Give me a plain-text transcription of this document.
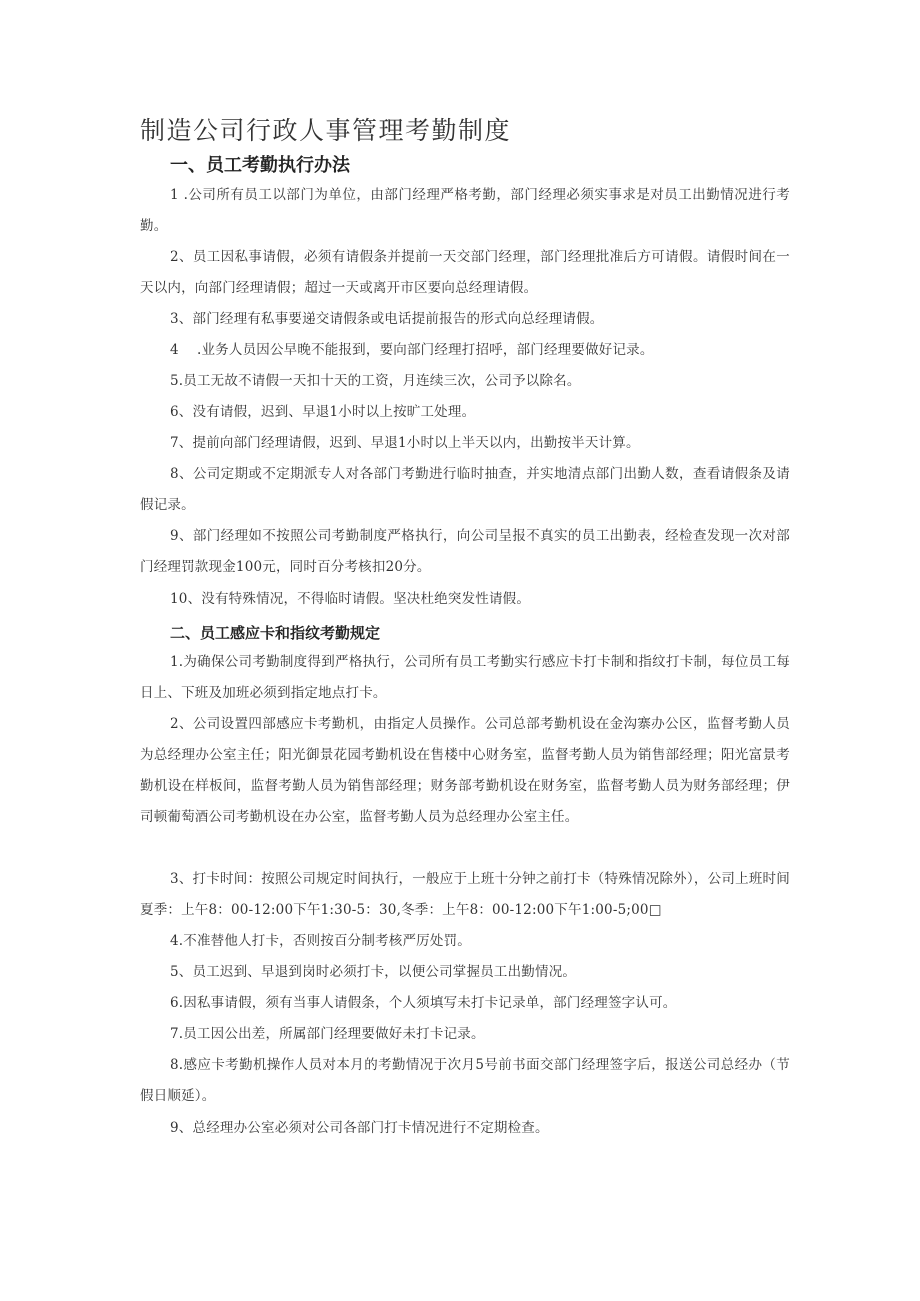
制造公司行政人事管理考勤制度
一、员工考勤执行办法

1 .公司所有员工以部门为单位，由部门经理严格考勤，部门经理必须实事求是对员工出勤情况进行考勤。

2、员工因私事请假，必须有请假条并提前一天交部门经理，部门经理批准后方可请假。请假时间在一天以内，向部门经理请假；超过一天或离开市区要向总经理请假。

3、部门经理有私事要递交请假条或电话提前报告的形式向总经理请假。

4　 .业务人员因公早晚不能报到，要向部门经理打招呼，部门经理要做好记录。

5.员工无故不请假一天扣十天的工资，月连续三次，公司予以除名。

6、没有请假，迟到、早退1小时以上按旷工处理。

7、提前向部门经理请假，迟到、早退1小时以上半天以内，出勤按半天计算。

8、公司定期或不定期派专人对各部门考勤进行临时抽查，并实地清点部门出勤人数，查看请假条及请假记录。

9、部门经理如不按照公司考勤制度严格执行，向公司呈报不真实的员工出勤表，经检查发现一次对部门经理罚款现金100元，同时百分考核扣20分。

10、没有特殊情况，不得临时请假。坚决杜绝突发性请假。

二、员工感应卡和指纹考勤规定

1.为确保公司考勤制度得到严格执行，公司所有员工考勤实行感应卡打卡制和指纹打卡制，每位员工每日上、下班及加班必须到指定地点打卡。

2、公司设置四部感应卡考勤机，由指定人员操作。公司总部考勤机设在金沟寨办公区，监督考勤人员为总经理办公室主任；阳光御景花园考勤机设在售楼中心财务室，监督考勤人员为销售部经理；阳光富景考勤机设在样板间，监督考勤人员为销售部经理；财务部考勤机设在财务室，监督考勤人员为财务部经理；伊司顿葡萄酒公司考勤机设在办公室，监督考勤人员为总经理办公室主任。

3、打卡时间：按照公司规定时间执行，一般应于上班十分钟之前打卡（特殊情况除外），公司上班时间夏季：上午8：00-12:00下午1:30-5：30,冬季：上午8：00-12:00下午1:00-5;00□

4.不准替他人打卡，否则按百分制考核严厉处罚。

5、员工迟到、早退到岗时必须打卡，以便公司掌握员工出勤情况。

6.因私事请假，须有当事人请假条，个人须填写未打卡记录单，部门经理签字认可。

7.员工因公出差，所属部门经理要做好未打卡记录。

8.感应卡考勤机操作人员对本月的考勤情况于次月5号前书面交部门经理签字后，报送公司总经办（节假日顺延）。

9、总经理办公室必须对公司各部门打卡情况进行不定期检查。
